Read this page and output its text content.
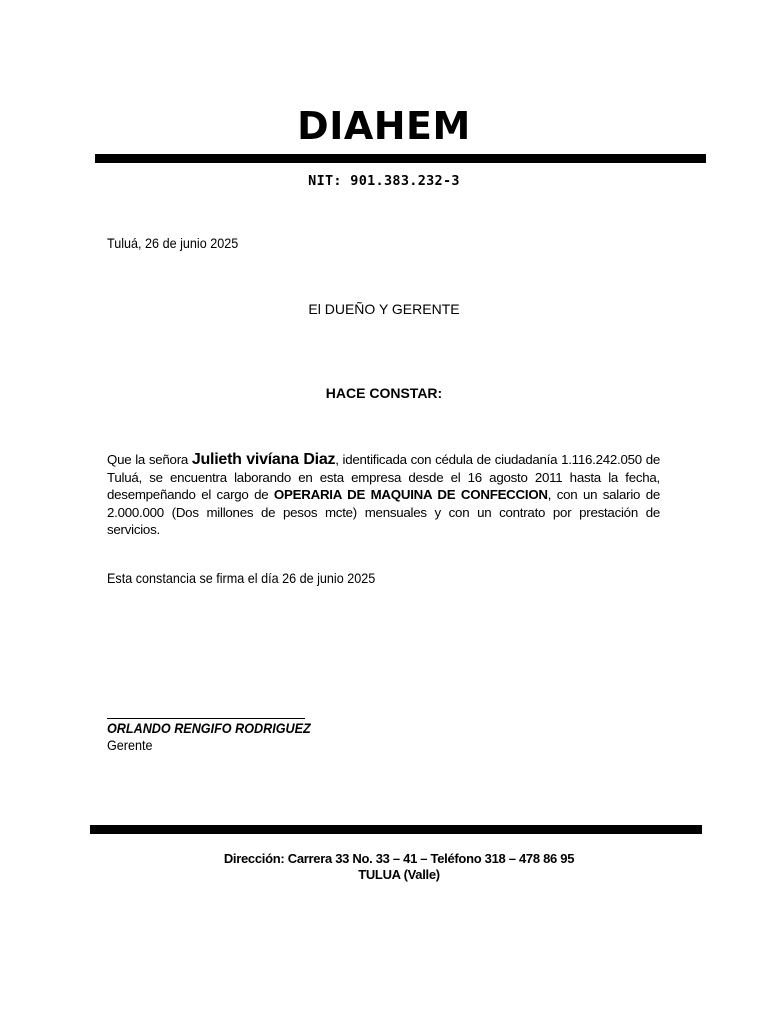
DIAHEM
NIT: 901.383.232-3
Tuluá, 26 de junio 2025
El DUEÑO Y GERENTE
HACE CONSTAR:
Que la señora Julieth vivíana Diaz, identificada con cédula de ciudadanía 1.116.242.050 de Tuluá, se encuentra laborando en esta empresa desde el 16 agosto 2011 hasta la fecha, desempeñando el cargo de OPERARIA DE MAQUINA DE CONFECCION, con un salario de 2.000.000 (Dos millones de pesos mcte) mensuales y con un contrato por prestación de servicios.
Esta constancia se firma el día 26 de junio 2025
ORLANDO RENGIFO RODRIGUEZ
Gerente
Dirección: Carrera 33 No. 33 – 41 – Teléfono 318 – 478 86 95
TULUA (Valle)
